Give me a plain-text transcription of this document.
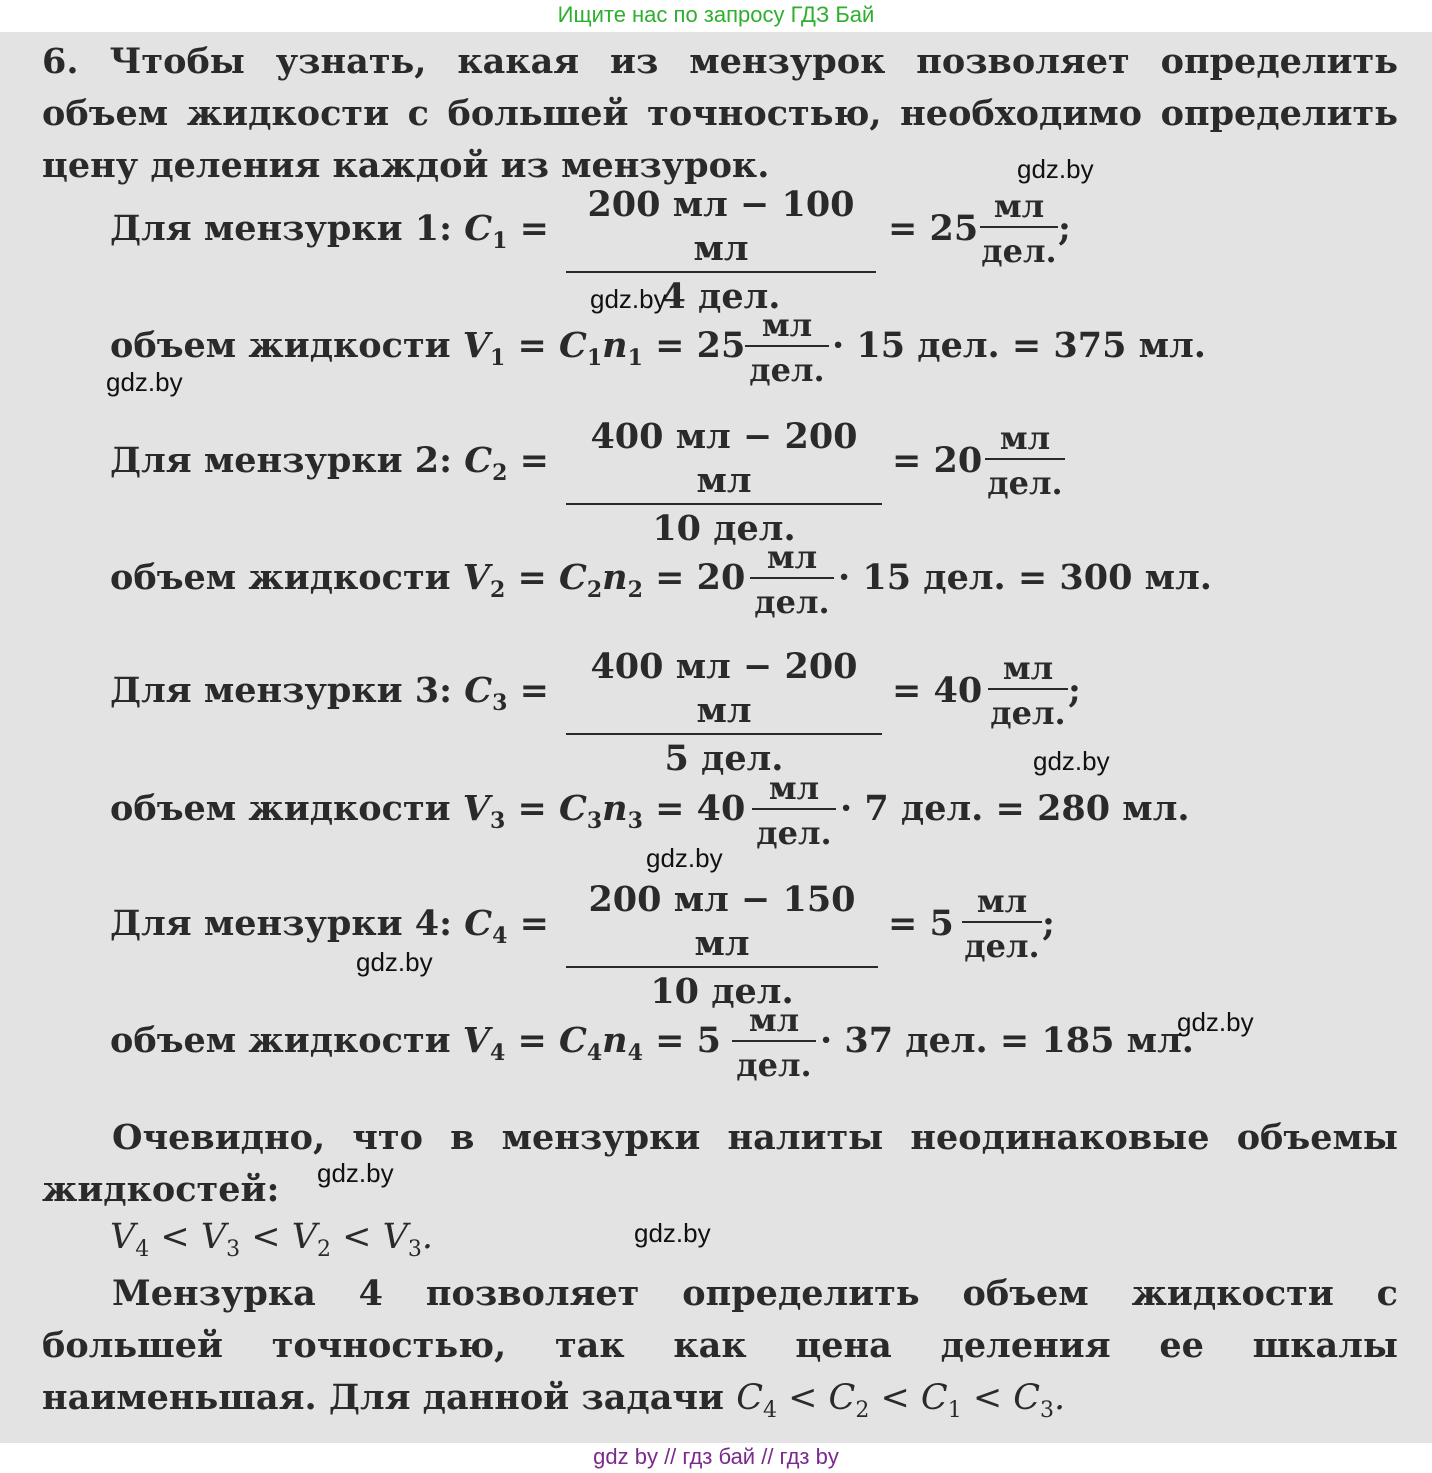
Ищите нас по запросу ГДЗ Бай
6. Чтобы узнать, какая из мензурок позволяет определить объем жидкости с большей точностью, необходимо определить цену деления каждой из мензурок.
Для мензурки 1: $C_1$ =
200 мл − 100 мл
4 дел.
= 25
мл
дел.
;
объем жидкости $V_1 = C_1n_1 = 25$ мл
дел.
· 15 дел. = 375 мл.
Для мензурки 2: $C_2$ =
400 мл − 200 мл
10 дел.
= 20
мл
дел.
объем жидкости $V_2 = C_2n_2 = 20$ мл
дел.
· 15 дел. = 300 мл.
Для мензурки 3: $C_3$ =
400 мл − 200 мл
5 дел.
= 40
мл
дел.
;
объем жидкости $V_3 = C_3n_3 = 40$ мл
дел.
· 7 дел. = 280 мл.
Для мензурки 4: $C_4$ =
200 мл − 150 мл
10 дел.
= 5
мл
дел.
;
объем жидкости $V_4 = C_4n_4 = 5$ мл
дел.
· 37 дел. = 185 мл.
Очевидно, что в мензурки налиты неодинаковые объемы жидкостей:
$V_4 < V_3 < V_2 < V_3$.
Мензурка 4 позволяет определить объем жидкости с большей точностью, так как цена деления ее шкалы наименьшая. Для данной задачи $C_4 < C_2 < C_1 < C_3$.
gdz.by
gdz.by
gdz.by
gdz.by
gdz.by
gdz.by
gdz.by
gdz.by
gdz.by
gdz by // гдз бай // гдз by
